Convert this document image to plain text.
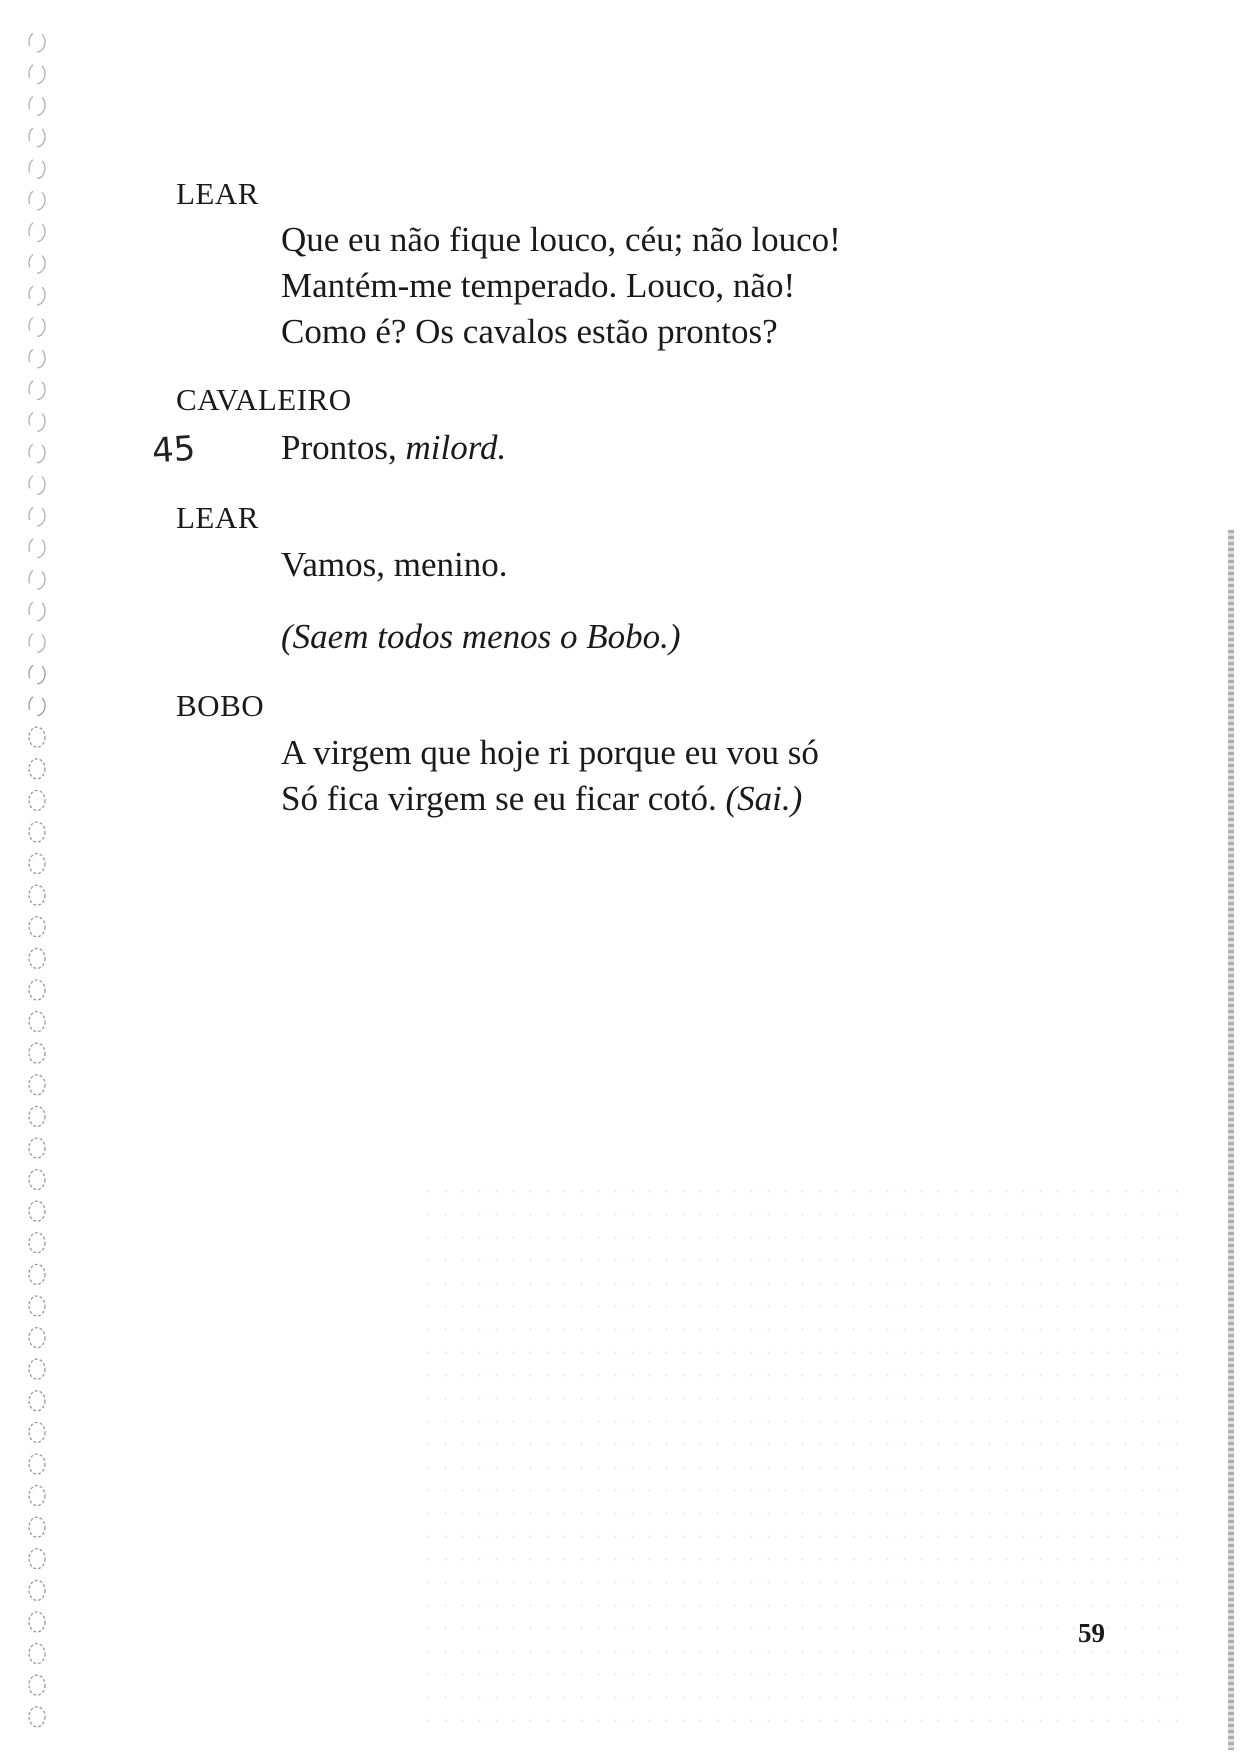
LEAR
Que eu não fique louco, céu; não louco!
Mantém-me temperado. Louco, não!
Como é? Os cavalos estão prontos?
CAVALEIRO
45 Prontos, milord.
LEAR
Vamos, menino.
(Saem todos menos o Bobo.)
BOBO
A virgem que hoje ri porque eu vou só
Só fica virgem se eu ficar cotó. (Sai.)
59
